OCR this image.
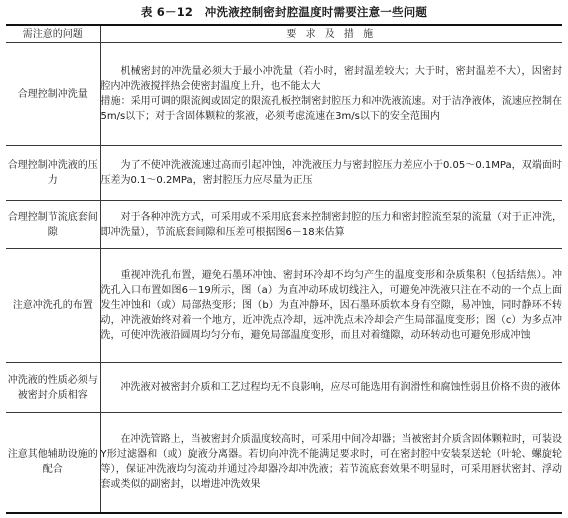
表 6－12　冲洗液控制密封腔温度时需要注意一些问题
需注意的问题	要 求 及 措 施
合理控制冲洗量	机械密封的冲洗量必须大于最小冲洗量（若小时，密封温差较大；大于时，密封温差不大），因密封腔内冲洗液搅拌热会使密封温度上升，也不能太大

措施：采用可调的限流阀或固定的限流孔板控制密封腔压力和冲洗液流速。对于洁净液体，流速应控制在5m/s以下；对于含固体颗粒的浆液，必须考虑流速在3m/s以下的安全范围内

合理控制冲洗液的压力	为了不使冲洗液流速过高而引起冲蚀，冲洗液压力与密封腔压力差应小于0.05～0.1MPa，双端面时压差为0.1～0.2MPa，密封腔压力应尽量为正压

合理控制节流底套间隙	对于各种冲洗方式，可采用或不采用底套来控制密封腔的压力和密封腔流至泵的流量（对于正冲洗，即冲洗量），节流底套间隙和压差可根据图6－18来估算

注意冲洗孔的布置	重视冲洗孔布置，避免石墨环冲蚀、密封环冷却不均匀产生的温度变形和杂质集积（包括结焦）。冲洗孔入口布置如图6－19所示，图（a）为直冲动环成切线注入，可避免冲洗液只注在不动的一个点上面发生冲蚀和（或）局部热变形；图（b）为直冲静环，因石墨环质软本身有空隙，易冲蚀，同时静环不转动，冲洗液始终对着一个地方，近冲洗点冷却，远冲洗点未冷却会产生局部温度变形；图（c）为多点冲洗，可使冲洗液沿圆周均匀分布，避免局部温度变形，而且对着缝隙，动环转动也可避免形成冲蚀

冲洗液的性质必须与被密封介质相容	冲洗液对被密封介质和工艺过程均无不良影响，应尽可能选用有润滑性和腐蚀性弱且价格不贵的液体

注意其他辅助设施的配合	在冲洗管路上，当被密封介质温度较高时，可采用中间冷却器；当被密封介质含固体颗粒时，可装设Y形过滤器和（或）旋液分离器。若切向冲洗不能满足要求时，可在密封腔中安装泵送轮（叶轮、螺旋轮等），保证冲洗液均匀流动并通过冷却器冷却冲洗液；若节流底套效果不明显时，可采用唇状密封、浮动套或类似的副密封，以增进冲洗效果
